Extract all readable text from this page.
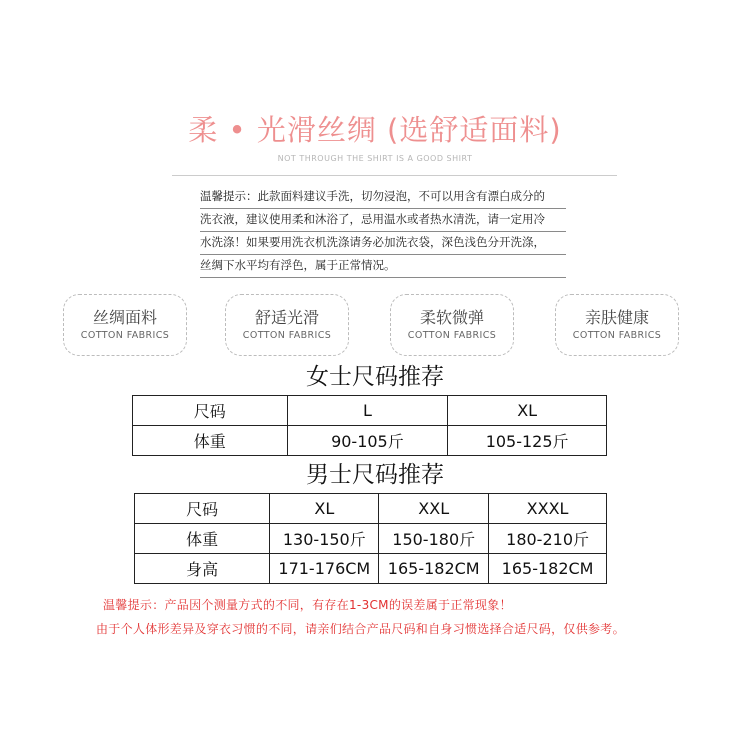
柔 • 光滑丝绸 (选舒适面料)
NOT THROUGH THE SHIRT IS A GOOD SHIRT
温馨提示：此款面料建议手洗，切勿浸泡，不可以用含有漂白成分的
洗衣液，建议使用柔和沐浴了，忌用温水或者热水清洗，请一定用冷
水洗涤！如果要用洗衣机洗涤请务必加洗衣袋，深色浅色分开洗涤，
丝绸下水平均有浮色，属于正常情况。
丝绸面料
COTTON FABRICS
舒适光滑
COTTON FABRICS
柔软微弹
COTTON FABRICS
亲肤健康
COTTON FABRICS
女士尺码推荐
尺码	L	XL
体重	90-105斤	105-125斤
男士尺码推荐
尺码	XL	XXL	XXXL
体重	130-150斤	150-180斤	180-210斤
身高	171-176CM	165-182CM	165-182CM
温馨提示：产品因个测量方式的不同，有存在1-3CM的误差属于正常现象！
由于个人体形差异及穿衣习惯的不同，请亲们结合产品尺码和自身习惯选择合适尺码，仅供参考。
